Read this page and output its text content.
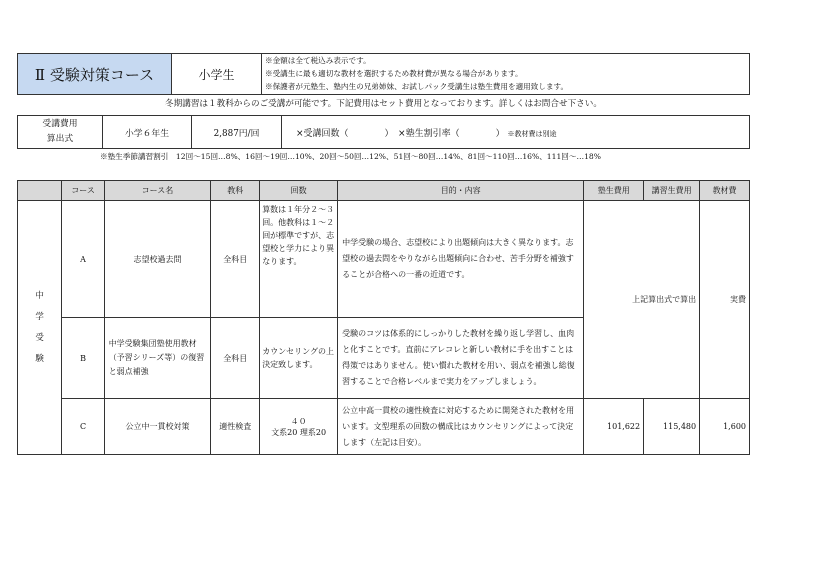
Ⅱ 受験対策コース	小学生	
※金額は全て税込み表示です。
※受講生に最も適切な教材を選択するため教材費が異なる場合があります。
※保護者が元塾生、塾内生の兄弟姉妹、お試しパック受講生は塾生費用を適用致します。
冬期講習は１教科からのご受講が可能です。下記費用はセット費用となっております。詳しくはお問合せ下さい。
受講費用
算出式
	小学６年生	2,887円/回	×受講回数（　　　　）　×塾生割引率（　　　　） ※教材費は別途
※塾生季節講習割引　12回～15回…8%、16回～19回…10%、20回～50回…12%、51回～80回…14%、81回～110回…16%、111回～…18%
	コース	コース名	教科	回数	目的・内容	塾生費用	講習生費用	教材費
中
学
受
験	A	志望校過去問	全科目	算数は１年分２～３回。他教科は１～２回が標準ですが、志望校と学力により異なります。	中学受験の場合、志望校により出題傾向は大きく異なります。志望校の過去問をやりながら出題傾向に合わせ、苦手分野を補強することが合格への一番の近道です。	上記算出式で算出		実費
	B	中学受験集団塾使用教材（予習シリーズ等）の復習と弱点補強	全科目	カウンセリングの上決定致します。	受験のコツは体系的にしっかりした教材を繰り返し学習し、血肉と化すことです。直前にアレコレと新しい教材に手を出すことは得策ではありません。使い慣れた教材を用い、弱点を補強し総復習することで合格レベルまで実力をアップしましょう。			
	C	公立中一貫校対策	適性検査	４０
文系20 理系20	公立中高一貫校の適性検査に対応するために開発された教材を用います。文型理系の回数の構成比はカウンセリングによって決定します（左記は目安）。	101,622	115,480	1,600
